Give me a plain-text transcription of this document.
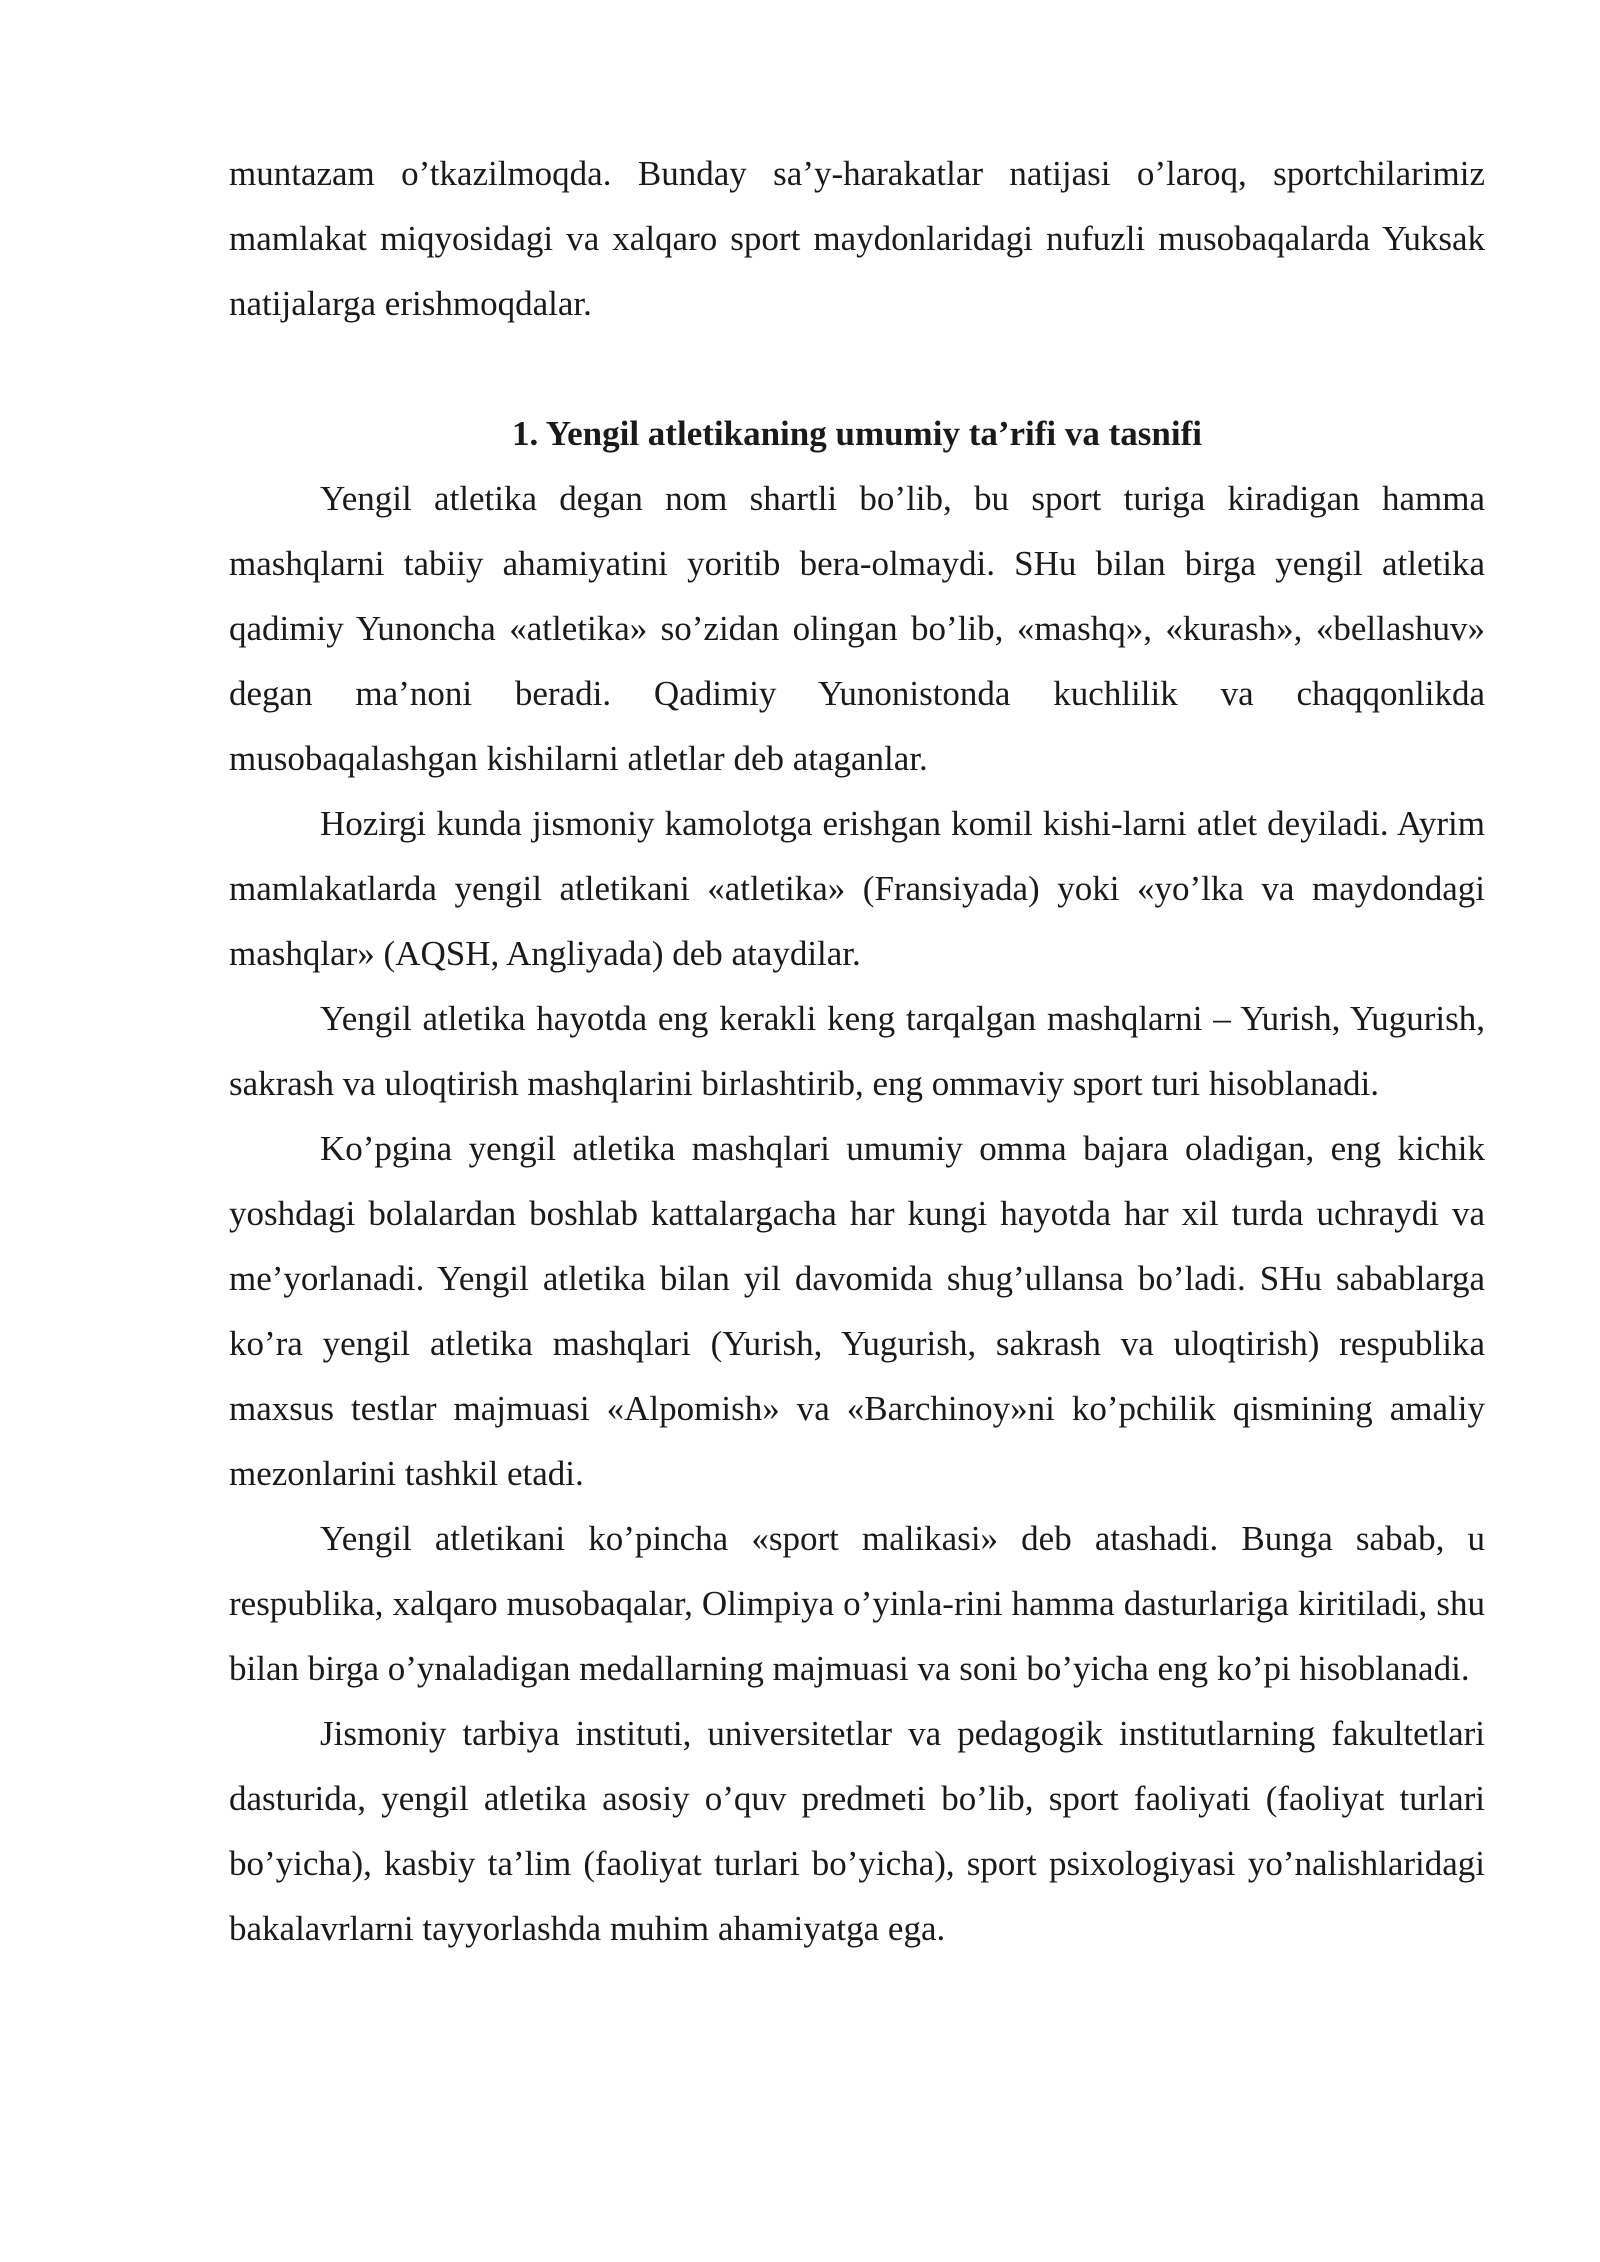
muntazam o’tkazilmoqda. Bunday sa’y-harakatlar natijasi o’laroq, sportchilarimiz mamlakat miqyosidagi va xalqaro sport maydonlaridagi nufuzli musobaqalarda Yuksak natijalarga erishmoqdalar.

1. Yengil atletikaning umumiy ta’rifi va tasnifi

Yengil atletika degan nom shartli bo’lib, bu sport turiga kiradigan hamma mashqlarni tabiiy ahamiyatini yoritib bera-olmaydi. SHu bilan birga yengil atletika qadimiy Yunoncha «atletika» so’zidan olingan bo’lib, «mashq», «kurash», «bellashuv» degan ma’noni beradi. Qadimiy Yunonistonda kuchlilik va chaqqonlikda musobaqalashgan kishilarni atletlar deb ataganlar.

Hozirgi kunda jismoniy kamolotga erishgan komil kishi-larni atlet deyiladi. Ayrim mamlakatlarda yengil atletikani «atletika» (Fransiyada) yoki «yo’lka va maydondagi mashqlar» (AQSH, Angliyada) deb ataydilar.

Yengil atletika hayotda eng kerakli keng tarqalgan mashqlarni – Yurish, Yugurish, sakrash va uloqtirish mashqlarini birlashtirib, eng ommaviy sport turi hisoblanadi.

Ko’pgina yengil atletika mashqlari umumiy omma bajara oladigan, eng kichik yoshdagi bolalardan boshlab kattalargacha har kungi hayotda har xil turda uchraydi va me’yorlanadi. Yengil atletika bilan yil davomida shug’ullansa bo’ladi. SHu sabablarga ko’ra yengil atletika mashqlari (Yurish, Yugurish, sakrash va uloqtirish) respublika maxsus testlar majmuasi «Alpomish» va «Barchinoy»ni ko’pchilik qismining amaliy mezonlarini tashkil etadi.

Yengil atletikani ko’pincha «sport malikasi» deb atashadi. Bunga sabab, u respublika, xalqaro musobaqalar, Olimpiya o’yinla-rini hamma dasturlariga kiritiladi, shu bilan birga o’ynaladigan medallarning majmuasi va soni bo’yicha eng ko’pi hisoblanadi.

Jismoniy tarbiya instituti, universitetlar va pedagogik institutlarning fakultetlari dasturida, yengil atletika asosiy o’quv predmeti bo’lib, sport faoliyati (faoliyat turlari bo’yicha), kasbiy ta’lim (faoliyat turlari bo’yicha), sport psixologiyasi yo’nalishlaridagi bakalavrlarni tayyorlashda muhim ahamiyatga ega.
